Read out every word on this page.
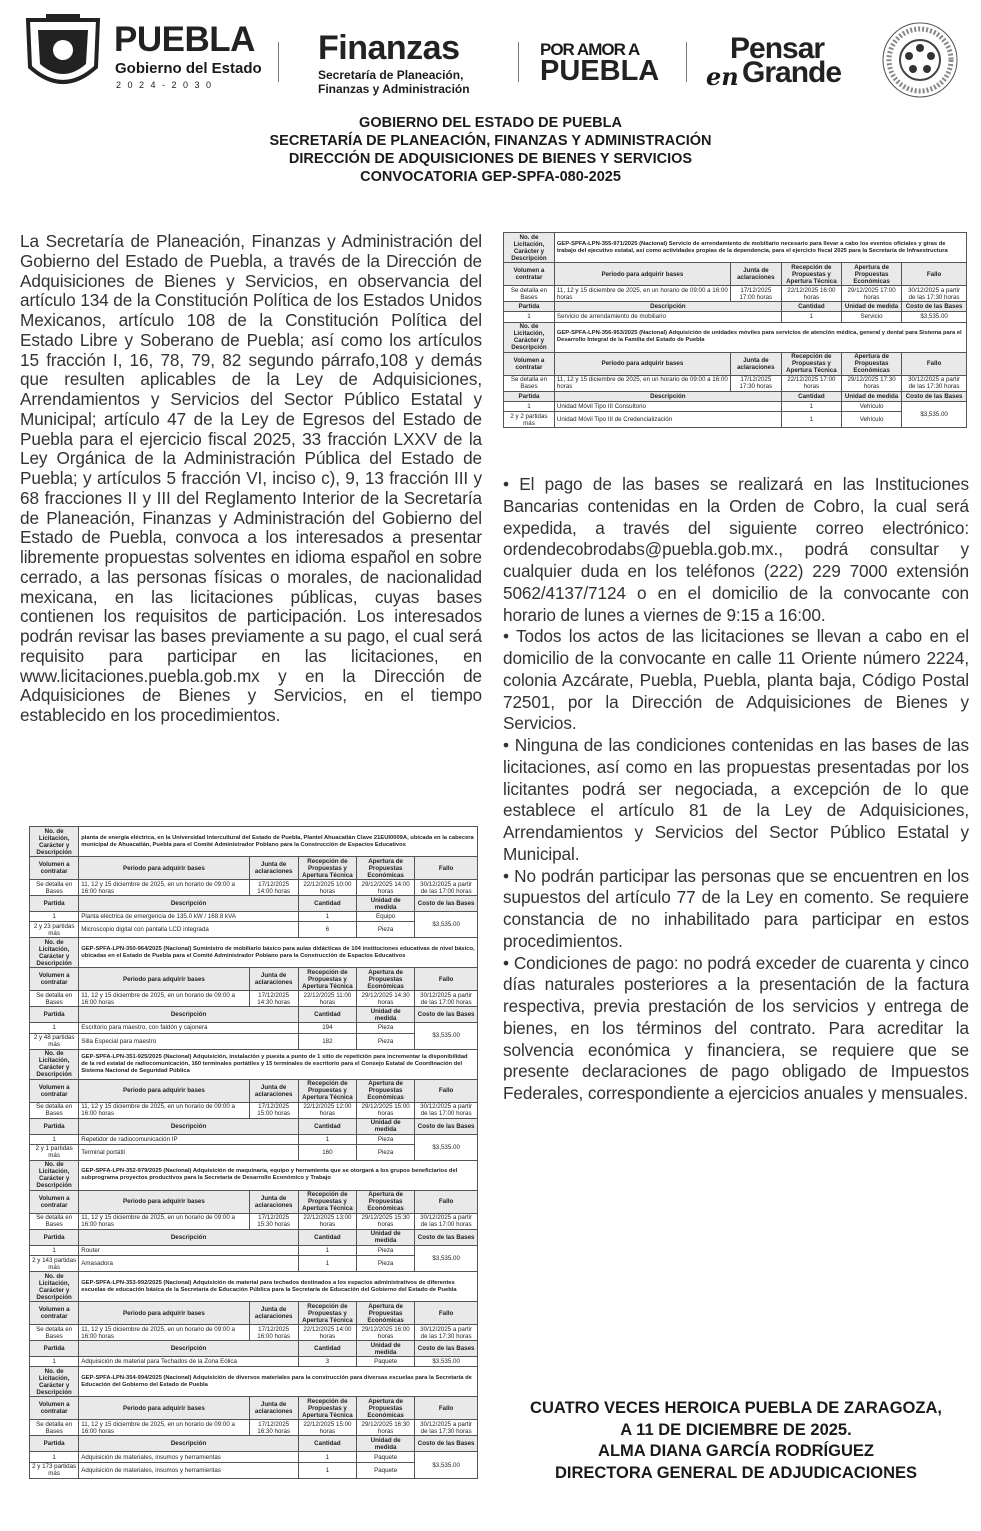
PUEBLA
Gobierno del Estado
2 0 2 4 - 2 0 3 0
Finanzas
Secretaría de Planeación,
Finanzas y Administración
POR AMOR A
PUEBLA
Pensar
en Grande
GOBIERNO DEL ESTADO DE PUEBLA
SECRETARÍA DE PLANEACIÓN, FINANZAS Y ADMINISTRACIÓN
DIRECCIÓN DE ADQUISICIONES DE BIENES Y SERVICIOS
CONVOCATORIA GEP-SPFA-080-2025
La Secretaría de Planeación, Finanzas y Administración del Gobierno del Estado de Puebla, a través de la Dirección de Adquisiciones de Bienes y Servicios, en observancia del artículo 134 de la Constitución Política de los Estados Unidos Mexicanos, artículo 108 de la Constitución Política del Estado Libre y Soberano de Puebla; así como los artículos 15 fracción I, 16, 78, 79, 82 segundo párrafo,108 y demás que resulten aplicables de la Ley de Adquisiciones, Arrendamientos y Servicios del Sector Público Estatal y Municipal; artículo 47 de la Ley de Egresos del Estado de Puebla para el ejercicio fiscal 2025, 33 fracción LXXV de la Ley Orgánica de la Administración Pública del Estado de Puebla; y artículos 5 fracción VI, inciso c), 9, 13 fracción III y 68 fracciones II y III del Reglamento Interior de la Secretaría de Planeación, Finanzas y Administración del Gobierno del Estado de Puebla, convoca a los interesados a presentar libremente propuestas solventes en idioma español en sobre cerrado, a las personas físicas o morales, de nacionalidad mexicana, en las licitaciones públicas, cuyas bases contienen los requisitos de participación. Los interesados podrán revisar las bases previamente a su pago, el cual será requisito para participar en las licitaciones, en www.licitaciones.puebla.gob.mx y en la Dirección de Adquisiciones de Bienes y Servicios, en el tiempo establecido en los procedimientos.
No. de Licitación, Carácter y Descripción	GEP-SPFA-LPN-355-971/2025 (Nacional) Servicio de arrendamiento de mobiliario necesario para llevar a cabo los eventos oficiales y giras de trabajo del ejecutivo estatal, así como actividades propias de la dependencia, para el ejercicio fiscal 2025 para la Secretaría de Infraestructura				
Volumen a contratar	Periodo para adquirir bases	Junta de aclaraciones	Recepción de Propuestas y Apertura Técnica	Apertura de Propuestas Económicas	Fallo
Se detalla en Bases	11, 12 y 15 diciembre de 2025, en un horario de 09:00 a 16:00 horas	17/12/2025 17:00 horas	22/12/2025 16:00 horas	29/12/2025 17:00 horas	30/12/2025 a partir de las 17:30 horas
Partida	Descripción		Cantidad	Unidad de medida	Costo de las Bases
1	Servicio de arrendamiento de mobiliario		1	Servicio	$3,535.00
No. de Licitación, Carácter y Descripción	GEP-SPFA-LPN-356-953/2025 (Nacional) Adquisición de unidades móviles para servicios de atención médica, general y dental para Sistema para el Desarrollo Integral de la Familia del Estado de Puebla				
Volumen a contratar	Periodo para adquirir bases	Junta de aclaraciones	Recepción de Propuestas y Apertura Técnica	Apertura de Propuestas Económicas	Fallo
Se detalla en Bases	11, 12 y 15 diciembre de 2025, en un horario de 09:00 a 16:00 horas	17/12/2025 17:30 horas	22/12/2025 17:00 horas	29/12/2025 17:30 horas	30/12/2025 a partir de las 17:30 horas
Partida	Descripción		Cantidad	Unidad de medida	Costo de las Bases
1	Unidad Móvil Tipo III Consultorio		1	Vehículo	$3,535.00
2 y 2 partidas más	Unidad Móvil Tipo III de Credencialización		1	Vehículo	
No. de Licitación, Carácter y Descripción	planta de energía eléctrica, en la Universidad Intercultural del Estado de Puebla, Plantel Ahuacatlán Clave 21EUI0009A, ubicada en la cabecera municipal de Ahuacatlán, Puebla para el Comité Administrador Poblano para la Construcción de Espacios Educativos				
Volumen a contratar	Periodo para adquirir bases	Junta de aclaraciones	Recepción de Propuestas y Apertura Técnica	Apertura de Propuestas Económicas	Fallo
Se detalla en Bases	11, 12 y 15 diciembre de 2025, en un horario de 09:00 a 16:00 horas	17/12/2025 14:00 horas	22/12/2025 10:00 horas	29/12/2025 14:00 horas	30/12/2025 a partir de las 17:00 horas
Partida	Descripción		Cantidad	Unidad de medida	Costo de las Bases
1	Planta eléctrica de emergencia de 135.0 kW / 168.8 kVA		1	Equipo	$3,535.00
2 y 23 partidas más	Microscopio digital con pantalla LCD integrada		6	Pieza	
No. de Licitación, Carácter y Descripción	GEP-SPFA-LPN-350-964/2025 (Nacional) Suministro de mobiliario básico para aulas didácticas de 104 instituciones educativas de nivel básico, ubicadas en el Estado de Puebla para el Comité Administrador Poblano para la Construcción de Espacios Educativos				
Volumen a contratar	Periodo para adquirir bases	Junta de aclaraciones	Recepción de Propuestas y Apertura Técnica	Apertura de Propuestas Económicas	Fallo
Se detalla en Bases	11, 12 y 15 diciembre de 2025, en un horario de 09:00 a 16:00 horas	17/12/2025 14:30 horas	22/12/2025 11:00 horas	29/12/2025 14:30 horas	30/12/2025 a partir de las 17:00 horas
Partida	Descripción		Cantidad	Unidad de medida	Costo de las Bases
1	Escritorio para maestro, con faldón y cajonera		194	Pieza	$3,535.00
2 y 48 partidas más	Silla Especial para maestro		182	Pieza	
No. de Licitación, Carácter y Descripción	GEP-SPFA-LPN-351-925/2025 (Nacional) Adquisición, instalación y puesta a punto de 1 sitio de repetición para incrementar la disponibilidad de la red estatal de radiocomunicación, 160 terminales portátiles y 15 terminales de escritorio para el Consejo Estatal de Coordinación del Sistema Nacional de Seguridad Pública				
Volumen a contratar	Periodo para adquirir bases	Junta de aclaraciones	Recepción de Propuestas y Apertura Técnica	Apertura de Propuestas Económicas	Fallo
Se detalla en Bases	11, 12 y 15 diciembre de 2025, en un horario de 09:00 a 16:00 horas	17/12/2025 15:00 horas	22/12/2025 12:00 horas	29/12/2025 15:00 horas	30/12/2025 a partir de las 17:00 horas
Partida	Descripción		Cantidad	Unidad de medida	Costo de las Bases
1	Repetidor de radiocomunicación IP		1	Pieza	$3,535.00
2 y 1 partidas más	Terminal portátil		160	Pieza	
No. de Licitación, Carácter y Descripción	GEP-SPFA-LPN-352-979/2025 (Nacional) Adquisición de maquinaria, equipo y herramienta que se otorgará a los grupos beneficiarios del subprograma proyectos productivos para la Secretaría de Desarrollo Económico y Trabajo				
Volumen a contratar	Periodo para adquirir bases	Junta de aclaraciones	Recepción de Propuestas y Apertura Técnica	Apertura de Propuestas Económicas	Fallo
Se detalla en Bases	11, 12 y 15 diciembre de 2025, en un horario de 09:00 a 16:00 horas	17/12/2025 15:30 horas	22/12/2025 13:00 horas	29/12/2025 15:30 horas	30/12/2025 a partir de las 17:00 horas
Partida	Descripción		Cantidad	Unidad de medida	Costo de las Bases
1	Router		1	Pieza	$3,535.00
2 y 143 partidas más	Amasadora		1	Pieza	
No. de Licitación, Carácter y Descripción	GEP-SPFA-LPN-353-992/2025 (Nacional) Adquisición de material para techados destinados a los espacios administrativos de diferentes escuelas de educación básica de la Secretaría de Educación Pública para la Secretaría de Educación del Gobierno del Estado de Puebla				
Volumen a contratar	Periodo para adquirir bases	Junta de aclaraciones	Recepción de Propuestas y Apertura Técnica	Apertura de Propuestas Económicas	Fallo
Se detalla en Bases	11, 12 y 15 diciembre de 2025, en un horario de 09:00 a 16:00 horas	17/12/2025 16:00 horas	22/12/2025 14:00 horas	29/12/2025 16:00 horas	30/12/2025 a partir de las 17:30 horas
Partida	Descripción		Cantidad	Unidad de medida	Costo de las Bases
1	Adquisición de material para Techados de la Zona Eólica		3	Paquete	$3,535.00
No. de Licitación, Carácter y Descripción	GEP-SPFA-LPN-354-994/2025 (Nacional) Adquisición de diversos materiales para la construcción para diversas escuelas para la Secretaría de Educación del Gobierno del Estado de Puebla				
Volumen a contratar	Periodo para adquirir bases	Junta de aclaraciones	Recepción de Propuestas y Apertura Técnica	Apertura de Propuestas Económicas	Fallo
Se detalla en Bases	11, 12 y 15 diciembre de 2025, en un horario de 09:00 a 16:00 horas	17/12/2025 16:30 horas	22/12/2025 15:00 horas	29/12/2025 16:30 horas	30/12/2025 a partir de las 17:30 horas
Partida	Descripción		Cantidad	Unidad de medida	Costo de las Bases
1	Adquisición de materiales, insumos y herramientas		1	Paquete	$3,535.00
2 y 173 partidas más	Adquisición de materiales, insumos y herramientas		1	Paquete	

• El pago de las bases se realizará en las Instituciones Bancarias contenidas en la Orden de Cobro, la cual será expedida, a través del siguiente correo electrónico: ordendecobrodabs@puebla.gob.mx., podrá consultar y cualquier duda en los teléfonos (222) 229 7000 extensión 5062/4137/7124 o en el domicilio de la convocante con horario de lunes a viernes de 9:15 a 16:00.

• Todos los actos de las licitaciones se llevan a cabo en el domicilio de la convocante en calle 11 Oriente número 2224, colonia Azcárate, Puebla, Puebla, planta baja, Código Postal 72501, por la Dirección de Adquisiciones de Bienes y Servicios.

• Ninguna de las condiciones contenidas en las bases de las licitaciones, así como en las propuestas presentadas por los licitantes podrá ser negociada, a excepción de lo que establece el artículo 81 de la Ley de Adquisiciones, Arrendamientos y Servicios del Sector Público Estatal y Municipal.

• No podrán participar las personas que se encuentren en los supuestos del artículo 77 de la Ley en comento. Se requiere constancia de no inhabilitado para participar en estos procedimientos.

• Condiciones de pago: no podrá exceder de cuarenta y cinco días naturales posteriores a la presentación de la factura respectiva, previa prestación de los servicios y entrega de bienes, en los términos del contrato. Para acreditar la solvencia económica y financiera, se requiere que se presente declaraciones de pago obligado de Impuestos Federales, correspondiente a ejercicios anuales y mensuales.

CUATRO VECES HEROICA PUEBLA DE ZARAGOZA,
A 11 DE DICIEMBRE DE 2025.
ALMA DIANA GARCÍA RODRÍGUEZ
DIRECTORA GENERAL DE ADJUDICACIONES
